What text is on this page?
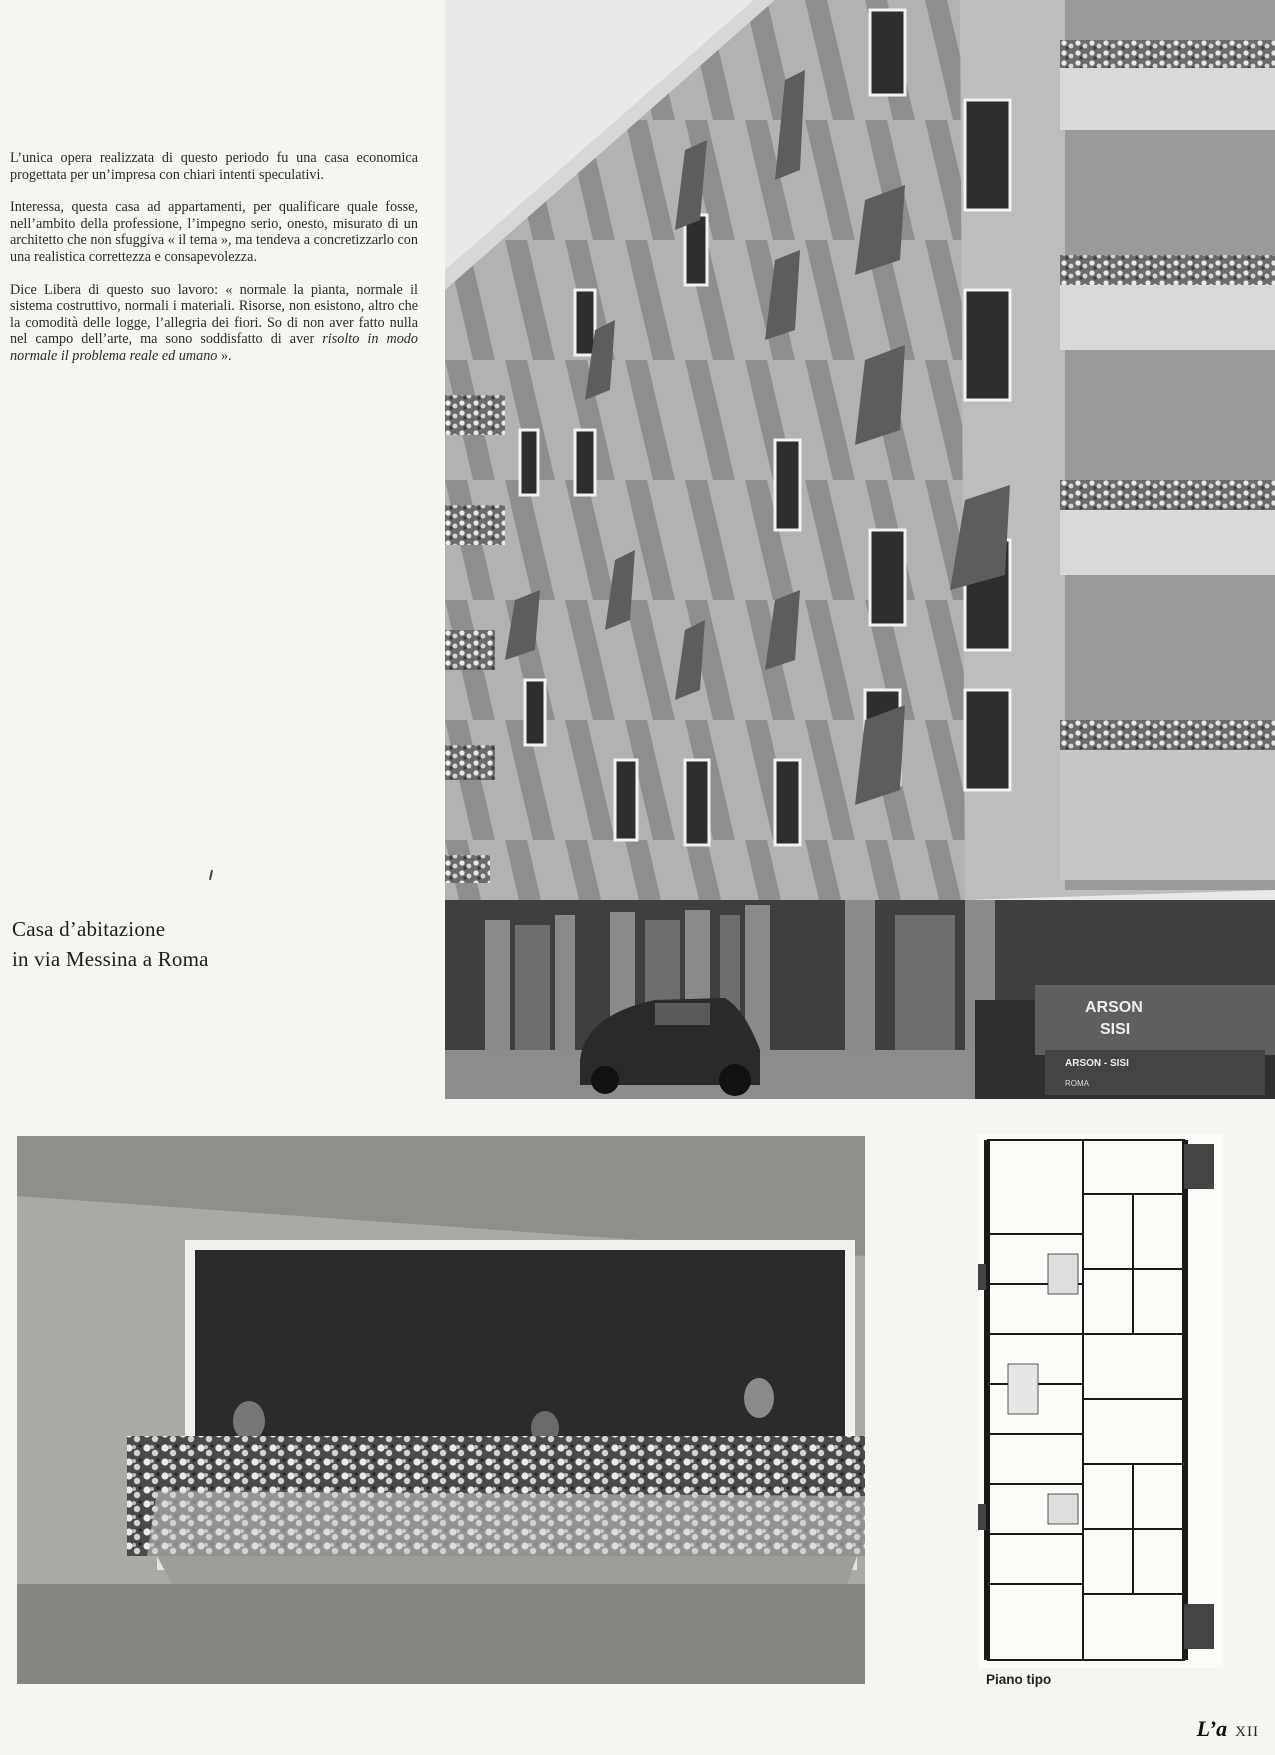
L’unica opera realizzata di questo periodo fu una casa economica progettata per un’impresa con chiari intenti speculativi.

Interessa, questa casa ad appartamenti, per qualificare quale fosse, nell’ambito della professione, l’impegno serio, onesto, misurato di un architetto che non sfuggiva « il tema », ma tendeva a concretizzarlo con una realistica correttezza e consapevolezza.

Dice Libera di questo suo lavoro: « normale la pianta, normale il sistema costruttivo, normali i materiali. Risorse, non esistono, altro che la comodità delle logge, l’allegria dei fiori. So di non aver fatto nulla nel campo dell’arte, ma sono soddisfatto di aver risolto in modo normale il problema reale ed umano ».

Casa d’abitazione
in via Messina a Roma
ARSON
SISI
ARSON - SISI
ROMA
Piano tipo
L’a XII
